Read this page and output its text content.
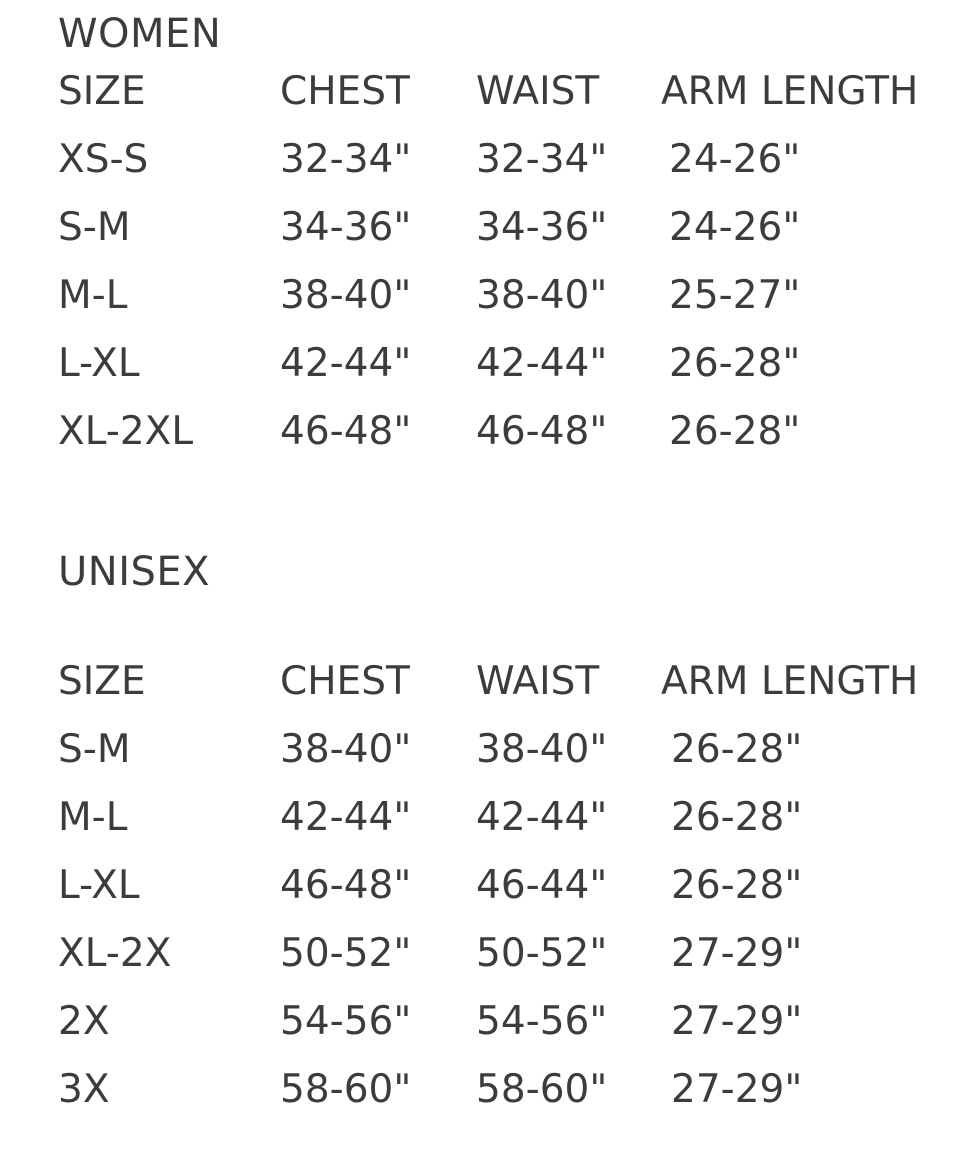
WOMEN
SIZE	CHEST	WAIST	ARM LENGTH
XS-S	32-34"	32-34"	24-26"
S-M	34-36"	34-36"	24-26"
M-L	38-40"	38-40"	25-27"
L-XL	42-44"	42-44"	26-28"
XL-2XL	46-48"	46-48"	26-28"
UNISEX
SIZE	CHEST	WAIST	ARM LENGTH
S-M	38-40"	38-40"	26-28"
M-L	42-44"	42-44"	26-28"
L-XL	46-48"	46-44"	26-28"
XL-2X	50-52"	50-52"	27-29"
2X	54-56"	54-56"	27-29"
3X	58-60"	58-60"	27-29"
